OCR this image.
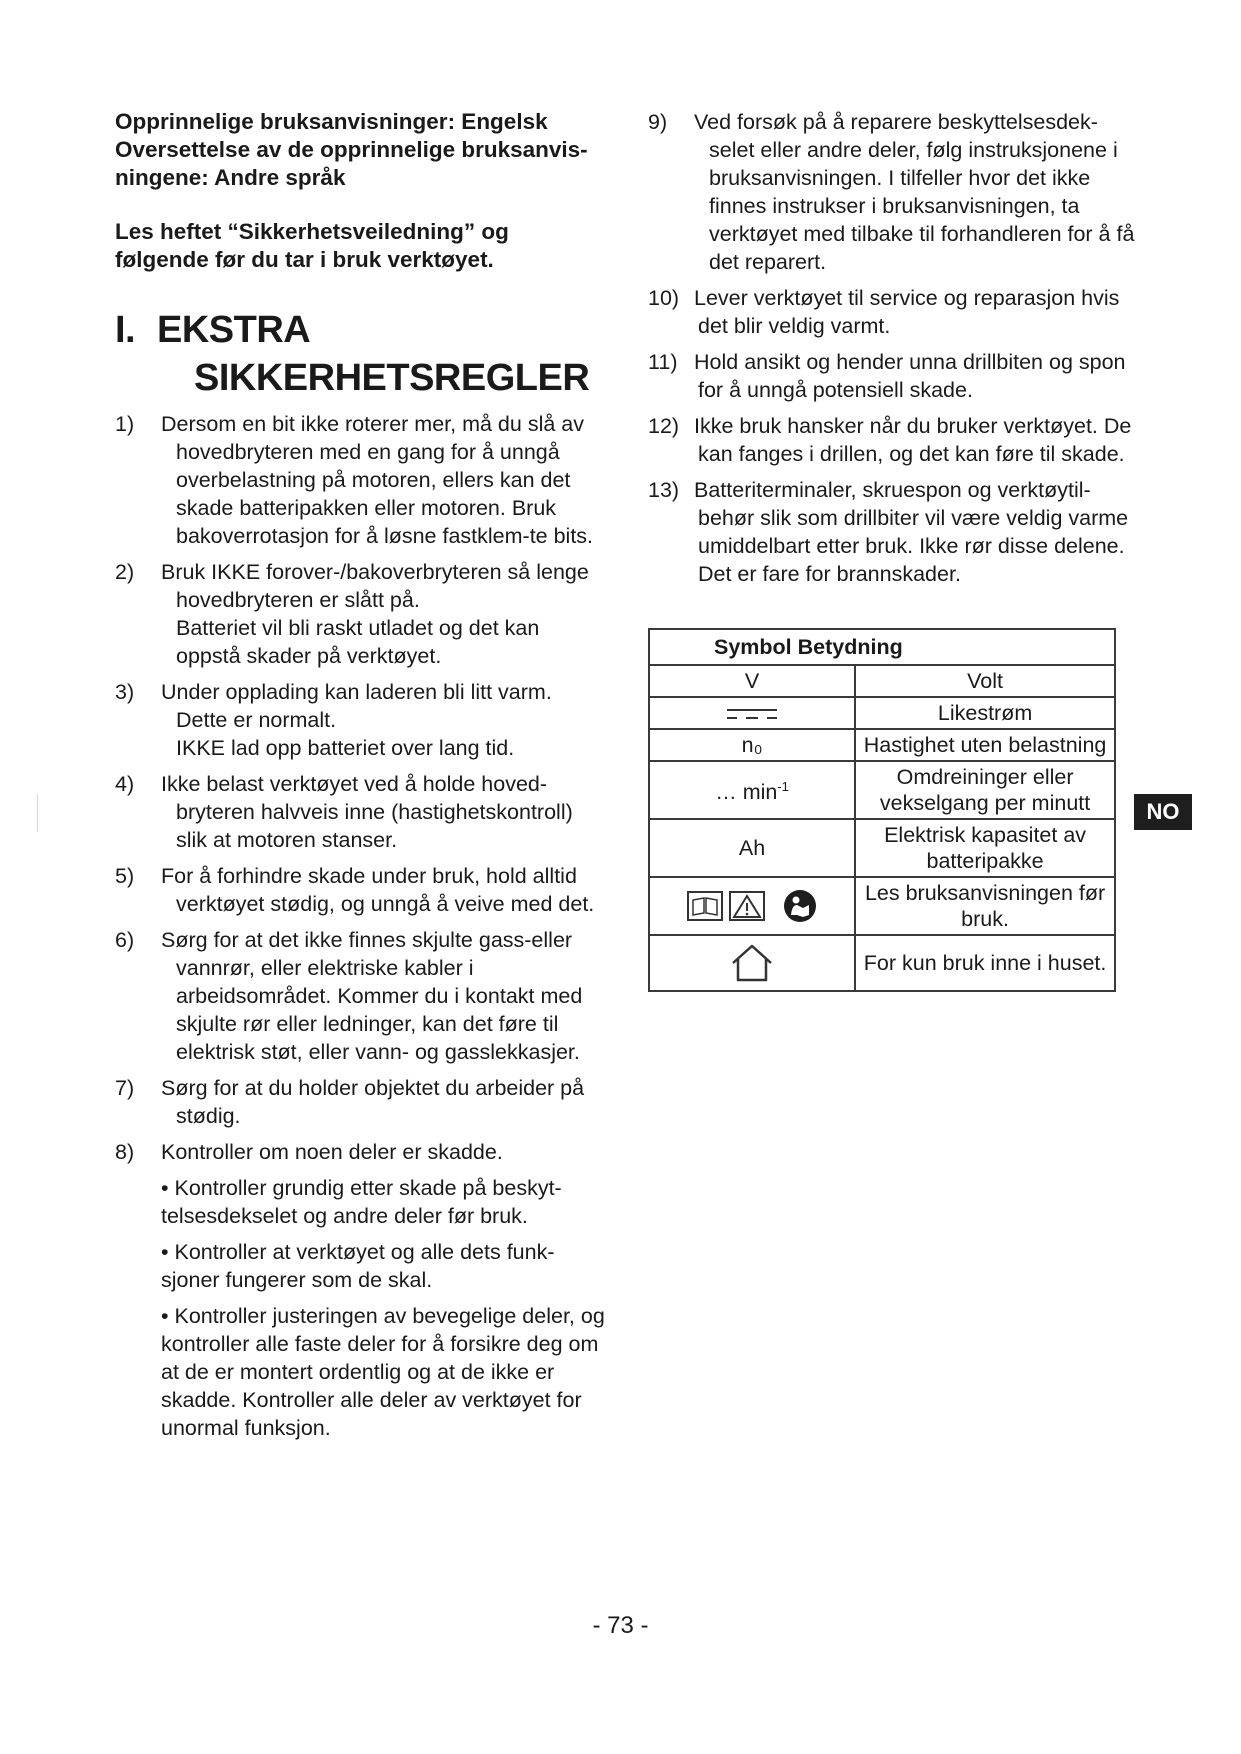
Opprinnelige bruksanvisninger: Engelsk
Oversettelse av de opprinnelige bruksanvis-
ningene: Andre språk
Les heftet “Sikkerhetsveiledning” og
følgende før du tar i bruk verktøyet.
I. EKSTRA
SIKKERHETSREGLER
1) Dersom en bit ikke roterer mer, må du slå av hovedbryteren med en gang for å unngå overbelastning på motoren, ellers kan det skade batteripakken eller motoren. Bruk bakoverrotasjon for å løsne fastklem-te bits.
2) Bruk IKKE forover-/bakoverbryteren så lenge hovedbryteren er slått på.
Batteriet vil bli raskt utladet og det kan oppstå skader på verktøyet.
3) Under opplading kan laderen bli litt varm. Dette er normalt.
IKKE lad opp batteriet over lang tid.
4) Ikke belast verktøyet ved å holde hoved-bryteren halvveis inne (hastighetskontroll) slik at motoren stanser.
5) For å forhindre skade under bruk, hold alltid verktøyet stødig, og unngå å veive med det.
6) Sørg for at det ikke finnes skjulte gass-eller vannrør, eller elektriske kabler i arbeidsområdet. Kommer du i kontakt med skjulte rør eller ledninger, kan det føre til elektrisk støt, eller vann- og gasslekkasjer.
7) Sørg for at du holder objektet du arbeider på stødig.
8) Kontroller om noen deler er skadde.
• Kontroller grundig etter skade på beskyt-telsesdekselet og andre deler før bruk.
• Kontroller at verktøyet og alle dets funk-sjoner fungerer som de skal.
• Kontroller justeringen av bevegelige deler, og kontroller alle faste deler for å forsikre deg om at de er montert ordentlig og at de ikke er skadde. Kontroller alle deler av verktøyet for unormal funksjon.
9) Ved forsøk på å reparere beskyttelsesdek-selet eller andre deler, følg instruksjonene i bruksanvisningen. I tilfeller hvor det ikke finnes instrukser i bruksanvisningen, ta verktøyet med tilbake til forhandleren for å få det reparert.
10) Lever verktøyet til service og reparasjon hvis det blir veldig varmt.
11) Hold ansikt og hender unna drillbiten og spon for å unngå potensiell skade.
12) Ikke bruk hansker når du bruker verktøyet. De kan fanges i drillen, og det kan føre til skade.
13) Batteriterminaler, skruespon og verktøytil-behør slik som drillbiter vil være veldig varme umiddelbart etter bruk. Ikke rør disse delene. Det er fare for brannskader.
Symbol Betydning	
V	Volt
	Likestrøm
n₀	Hastighet uten belastning
… $\min^{-1}$	Omdreininger eller vekselgang per minutt
Ah	Elektrisk kapasitet av batteripakke
	Les bruksanvisningen før bruk.
	For kun bruk inne i huset.
NO
- 73 -
